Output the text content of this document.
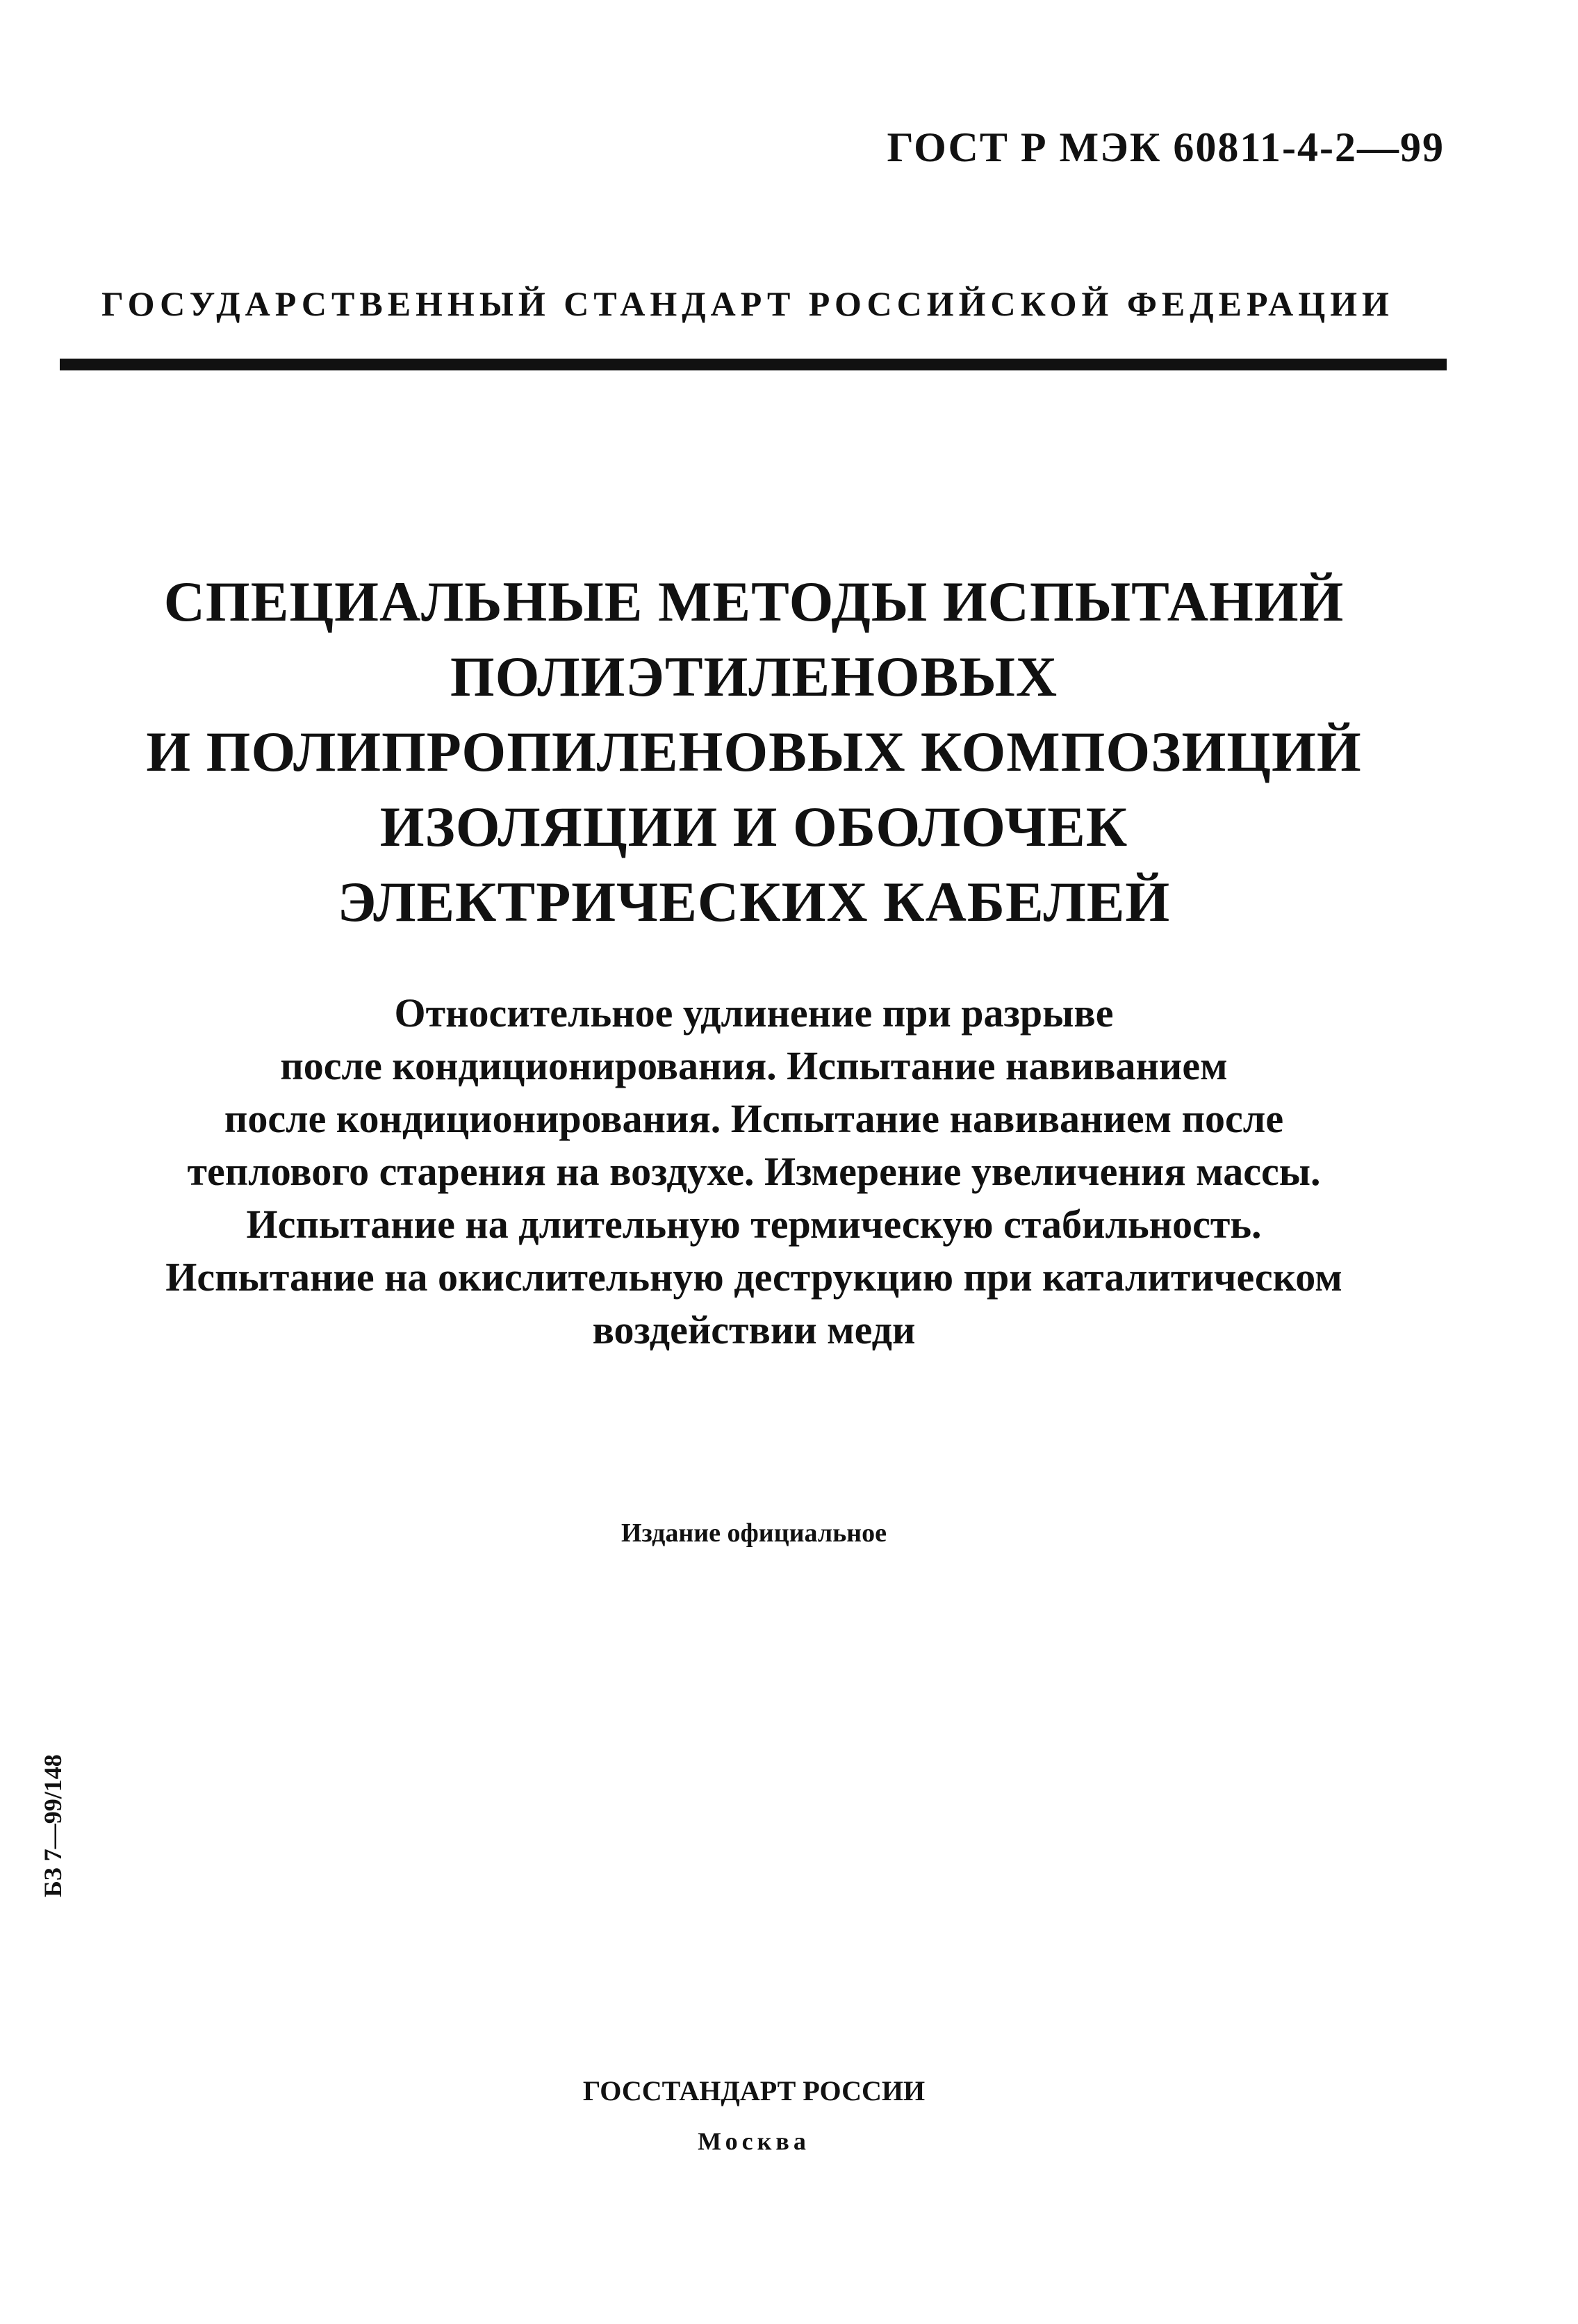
ГОСТ Р МЭК 60811-4-2—99
ГОСУДАРСТВЕННЫЙ СТАНДАРТ РОССИЙСКОЙ ФЕДЕРАЦИИ
СПЕЦИАЛЬНЫЕ МЕТОДЫ ИСПЫТАНИЙ
ПОЛИЭТИЛЕНОВЫХ
И ПОЛИПРОПИЛЕНОВЫХ КОМПОЗИЦИЙ
ИЗОЛЯЦИИ И ОБОЛОЧЕК
ЭЛЕКТРИЧЕСКИХ КАБЕЛЕЙ
Относительное удлинение при разрыве
после кондиционирования. Испытание навиванием
после кондиционирования. Испытание навиванием после
теплового старения на воздухе. Измерение увеличения массы.
Испытание на длительную термическую стабильность.
Испытание на окислительную деструкцию при каталитическом
воздействии меди
Издание официальное
БЗ 7—99/148
ГОССТАНДАРТ РОССИИ
Москва
